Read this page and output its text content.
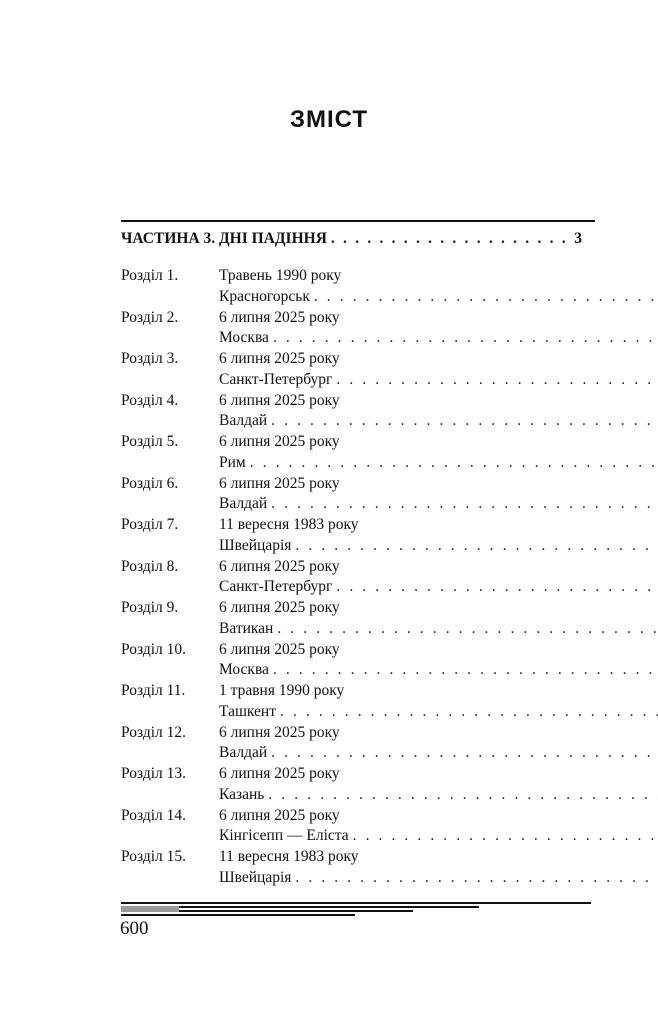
ЗМІСТ
ЧАСТИНА 3. ДНІ ПАДІННЯ
. . .	3
Розділ 1.	Травень 1990 року
Красногорськ
. . .
Розділ 2.	6 липня 2025 року
Москва
. . .
Розділ 3.	6 липня 2025 року
Санкт-Петербург
. . .
Розділ 4.	6 липня 2025 року
Валдай
. . .
Розділ 5.	6 липня 2025 року
Рим
. . .
Розділ 6.	6 липня 2025 року
Валдай
. . .
Розділ 7.	11 вересня 1983 року
Швейцарія
. . .
Розділ 8.	6 липня 2025 року
Санкт-Петербург
. . .
Розділ 9.	6 липня 2025 року
Ватикан
. . .
Розділ 10.	6 липня 2025 року
Москва
. . .
Розділ 11.	1 травня 1990 року
Ташкент
. . .
Розділ 12.	6 липня 2025 року
Валдай
. . .
Розділ 13.	6 липня 2025 року
Казань
. . .
Розділ 14.	6 липня 2025 року
Кінгісепп — Еліста
. . .
Розділ 15.	11 вересня 1983 року
Швейцарія
. . .
600
